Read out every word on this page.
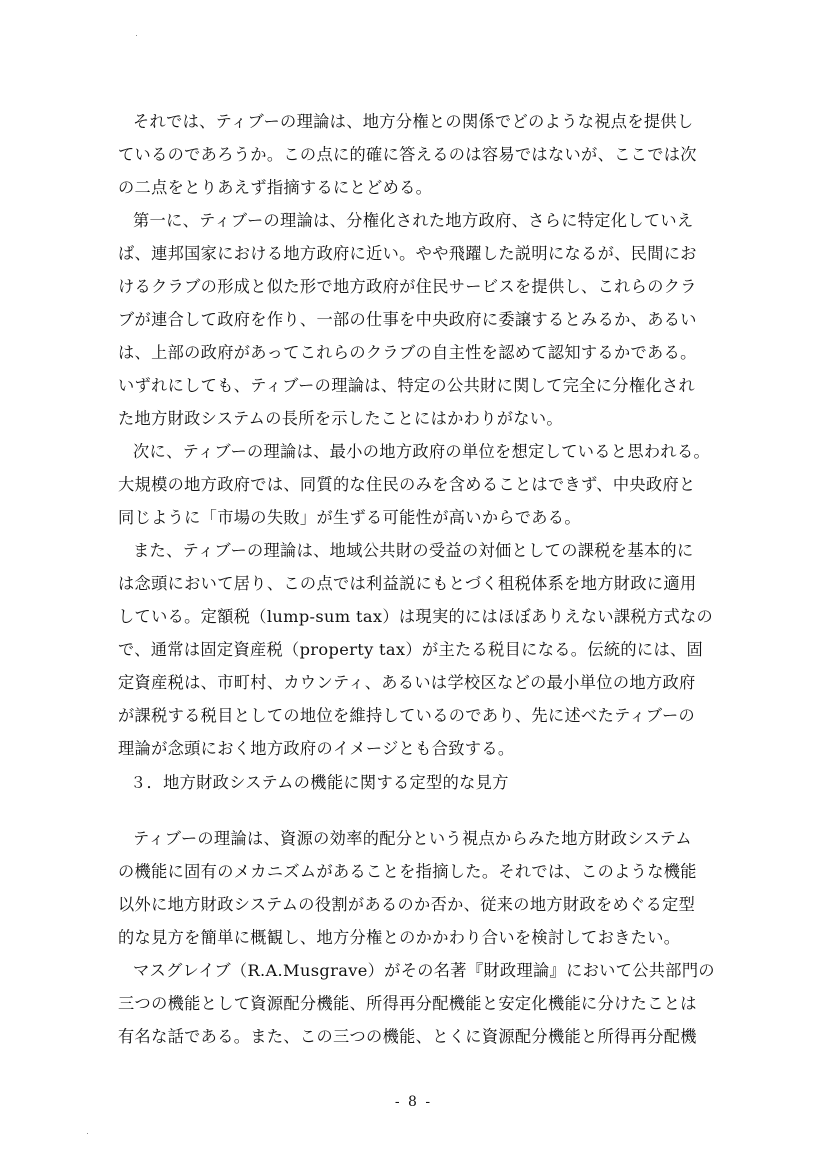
それでは、ティブーの理論は、地方分権との関係でどのような視点を提供し
ているのであろうか。この点に的確に答えるのは容易ではないが、ここでは次
の二点をとりあえず指摘するにとどめる。
第一に、ティブーの理論は、分権化された地方政府、さらに特定化していえ
ば、連邦国家における地方政府に近い。やや飛躍した説明になるが、民間にお
けるクラブの形成と似た形で地方政府が住民サービスを提供し、これらのクラ
ブが連合して政府を作り、一部の仕事を中央政府に委譲するとみるか、あるい
は、上部の政府があってこれらのクラブの自主性を認めて認知するかである。
いずれにしても、ティブーの理論は、特定の公共財に関して完全に分権化され
た地方財政システムの長所を示したことにはかわりがない。
次に、ティブーの理論は、最小の地方政府の単位を想定していると思われる。
大規模の地方政府では、同質的な住民のみを含めることはできず、中央政府と
同じように「市場の失敗」が生ずる可能性が高いからである。
また、ティブーの理論は、地域公共財の受益の対価としての課税を基本的に
は念頭において居り、この点では利益説にもとづく租税体系を地方財政に適用
している。定額税（lump-sum tax）は現実的にはほぼありえない課税方式なの
で、通常は固定資産税（property tax）が主たる税目になる。伝統的には、固
定資産税は、市町村、カウンティ、あるいは学校区などの最小単位の地方政府
が課税する税目としての地位を維持しているのであり、先に述べたティブーの
理論が念頭におく地方政府のイメージとも合致する。
３．地方財政システムの機能に関する定型的な見方
ティブーの理論は、資源の効率的配分という視点からみた地方財政システム
の機能に固有のメカニズムがあることを指摘した。それでは、このような機能
以外に地方財政システムの役割があるのか否か、従来の地方財政をめぐる定型
的な見方を簡単に概観し、地方分権とのかかわり合いを検討しておきたい。
マスグレイブ（R.A.Musgrave）がその名著『財政理論』において公共部門の
三つの機能として資源配分機能、所得再分配機能と安定化機能に分けたことは
有名な話である。また、この三つの機能、とくに資源配分機能と所得再分配機
- 8 -
